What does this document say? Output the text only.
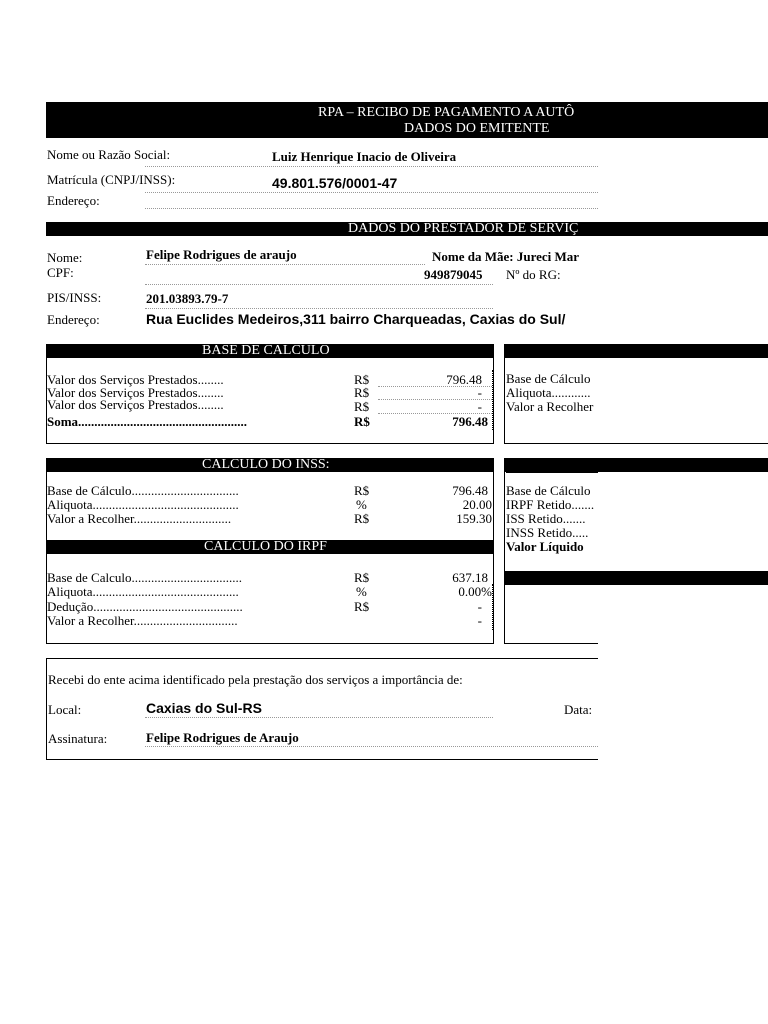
RPA – RECIBO DE PAGAMENTO A AUTÔ
DADOS DO EMITENTE
Nome ou Razão Social:	Luiz Henrique Inacio de Oliveira
Matrícula (CNPJ/INSS):	49.801.576/0001-47
Endereço:
DADOS DO PRESTADOR DE SERVIÇ
Nome:	Felipe Rodrigues de araujo	Nome da Mãe: Jureci Mar
CPF:	949879045 Nº do RG:
PIS/INSS:	201.03893.79-7
Endereço:	Rua Euclides Medeiros,311 bairro Charqueadas, Caxias do Sul/
BASE DE CALCULO
Valor dos Serviços Prestados........	R$	796.48
Valor dos Serviços Prestados........	R$	-
Valor dos Serviços Prestados........	R$	-
Soma....................................................	R$	796.48
Base de Cálculo
Aliquota............
Valor a Recolher
CALCULO DO INSS:
Base de Cálculo.................................	R$	796.48
Aliquota.............................................	%	20.00
Valor a Recolher..............................	R$	159.30
CALCULO DO IRPF
Base de Calculo..................................	R$	637.18
Aliquota.............................................	%	0.00%
Dedução..............................................	R$	-
Valor a Recolher................................	-
Base de Cálculo
IRPF Retido.......
ISS Retido.......
INSS Retido.....
Valor Líquido
Recebi do ente acima identificado pela prestação dos serviços a importância de:
Local:	Caxias do Sul-RS	Data:
Assinatura:	Felipe Rodrigues de Araujo
